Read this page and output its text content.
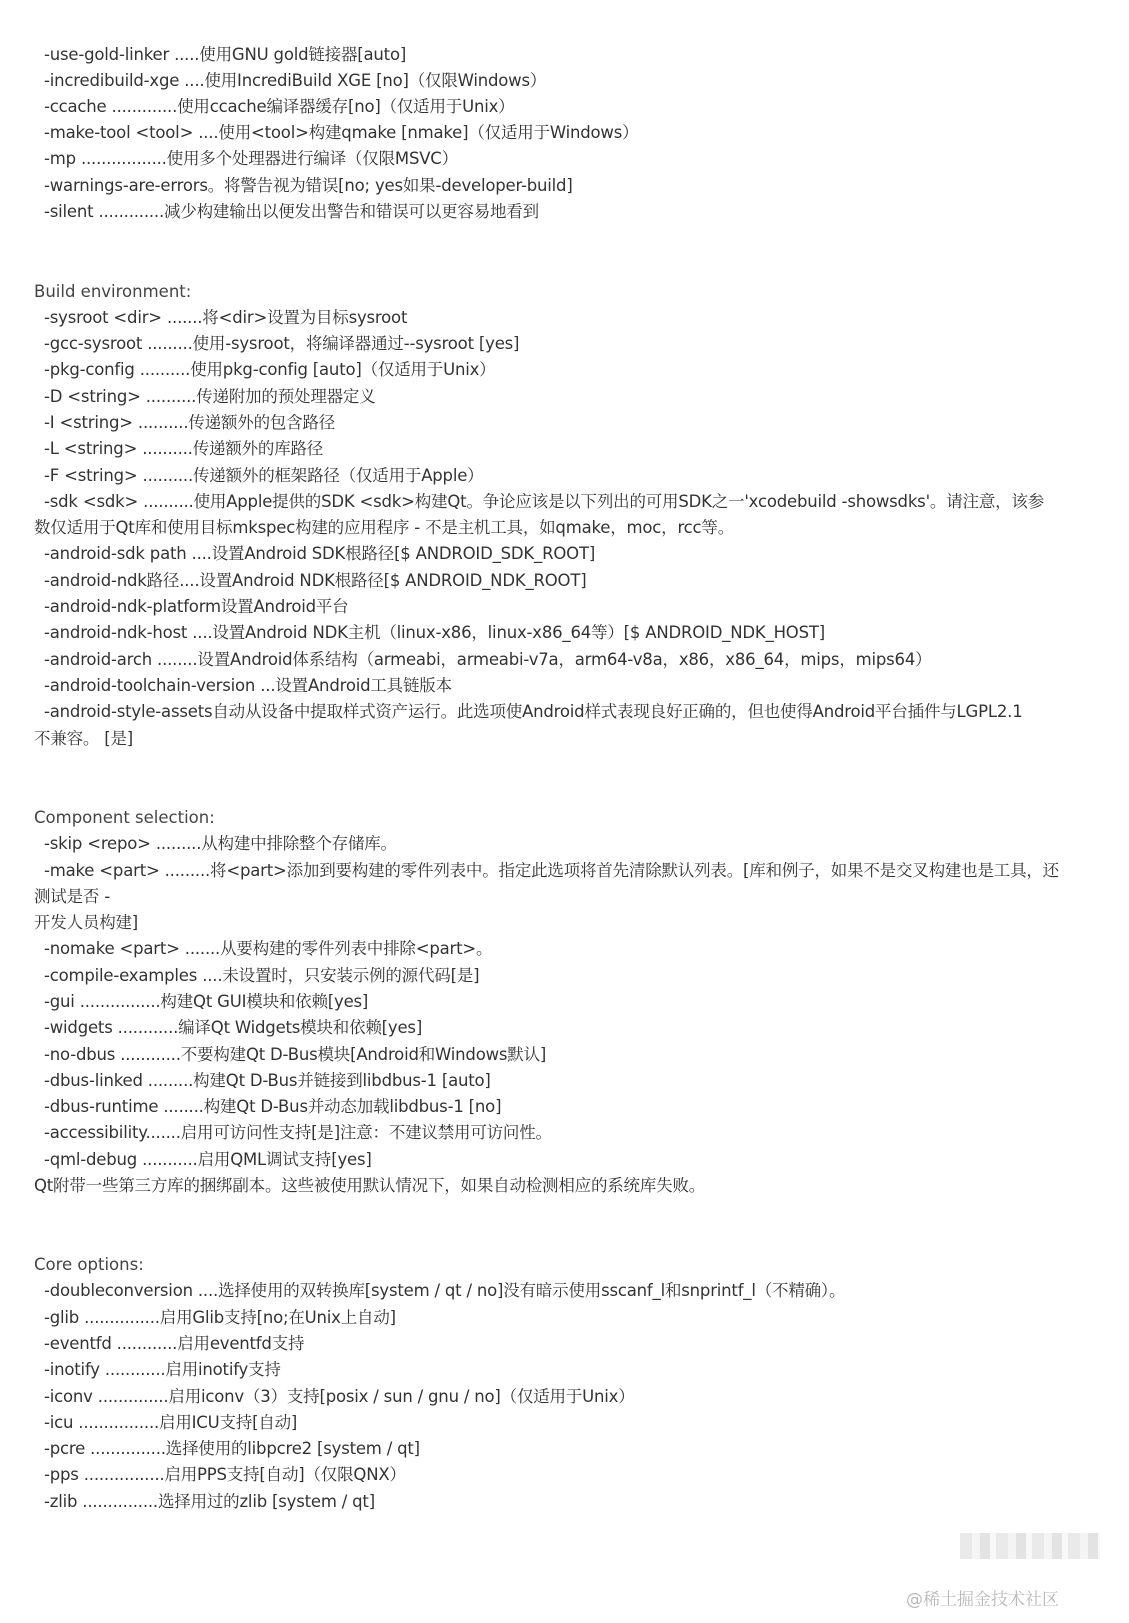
-use-gold-linker .....使用GNU gold链接器[auto]
-incredibuild-xge ....使用IncrediBuild XGE [no]（仅限Windows）
-ccache .............使用ccache编译器缓存[no]（仅适用于Unix）
-make-tool <tool> ....使用<tool>构建qmake [nmake]（仅适用于Windows）
-mp .................使用多个处理器进行编译（仅限MSVC）
-warnings-are-errors。将警告视为错误[no; yes如果-developer-build]
-silent .............减少构建输出以便发出警告和错误可以更容易地看到
Build environment:
-sysroot <dir> .......将<dir>设置为目标sysroot
-gcc-sysroot .........使用-sysroot，将编译器通过--sysroot [yes]
-pkg-config ..........使用pkg-config [auto]（仅适用于Unix）
-D <string> ..........传递附加的预处理器定义
-I <string> ..........传递额外的包含路径
-L <string> ..........传递额外的库路径
-F <string> ..........传递额外的框架路径（仅适用于Apple）
-sdk <sdk> ..........使用Apple提供的SDK <sdk>构建Qt。争论应该是以下列出的可用SDK之一'xcodebuild -showsdks'。请注意，该参
数仅适用于Qt库和使用目标mkspec构建的应用程序 - 不是主机工具，如qmake，moc，rcc等。
-android-sdk path ....设置Android SDK根路径[$ ANDROID_SDK_ROOT]
-android-ndk路径....设置Android NDK根路径[$ ANDROID_NDK_ROOT]
-android-ndk-platform设置Android平台
-android-ndk-host ....设置Android NDK主机（linux-x86，linux-x86_64等）[$ ANDROID_NDK_HOST]
-android-arch ........设置Android体系结构（armeabi，armeabi-v7a，arm64-v8a，x86，x86_64，mips，mips64）
-android-toolchain-version ...设置Android工具链版本
-android-style-assets自动从设备中提取样式资产运行。此选项使Android样式表现良好正确的，但也使得Android平台插件与LGPL2.1
不兼容。 [是]
Component selection:
-skip <repo> .........从构建中排除整个存储库。
-make <part> .........将<part>添加到要构建的零件列表中。指定此选项将首先清除默认列表。[库和例子，如果不是交叉构建也是工具，还
测试是否 -
开发人员构建]
-nomake <part> .......从要构建的零件列表中排除<part>。
-compile-examples ....未设置时，只安装示例的源代码[是]
-gui ................构建Qt GUI模块和依赖[yes]
-widgets ............编译Qt Widgets模块和依赖[yes]
-no-dbus ............不要构建Qt D-Bus模块[Android和Windows默认]
-dbus-linked .........构建Qt D-Bus并链接到libdbus-1 [auto]
-dbus-runtime ........构建Qt D-Bus并动态加载libdbus-1 [no]
-accessibility.......启用可访问性支持[是]注意：不建议禁用可访问性。
-qml-debug ...........启用QML调试支持[yes]
Qt附带一些第三方库的捆绑副本。这些被使用默认情况下，如果自动检测相应的系统库失败。
Core options:
-doubleconversion ....选择使用的双转换库[system / qt / no]没有暗示使用sscanf_l和snprintf_l（不精确）。
-glib ...............启用Glib支持[no;在Unix上自动]
-eventfd ............启用eventfd支持
-inotify ............启用inotify支持
-iconv ..............启用iconv（3）支持[posix / sun / gnu / no]（仅适用于Unix）
-icu ................启用ICU支持[自动]
-pcre ...............选择使用的libpcre2 [system / qt]
-pps ................启用PPS支持[自动]（仅限QNX）
-zlib ...............选择用过的zlib [system / qt]
@稀土掘金技术社区
